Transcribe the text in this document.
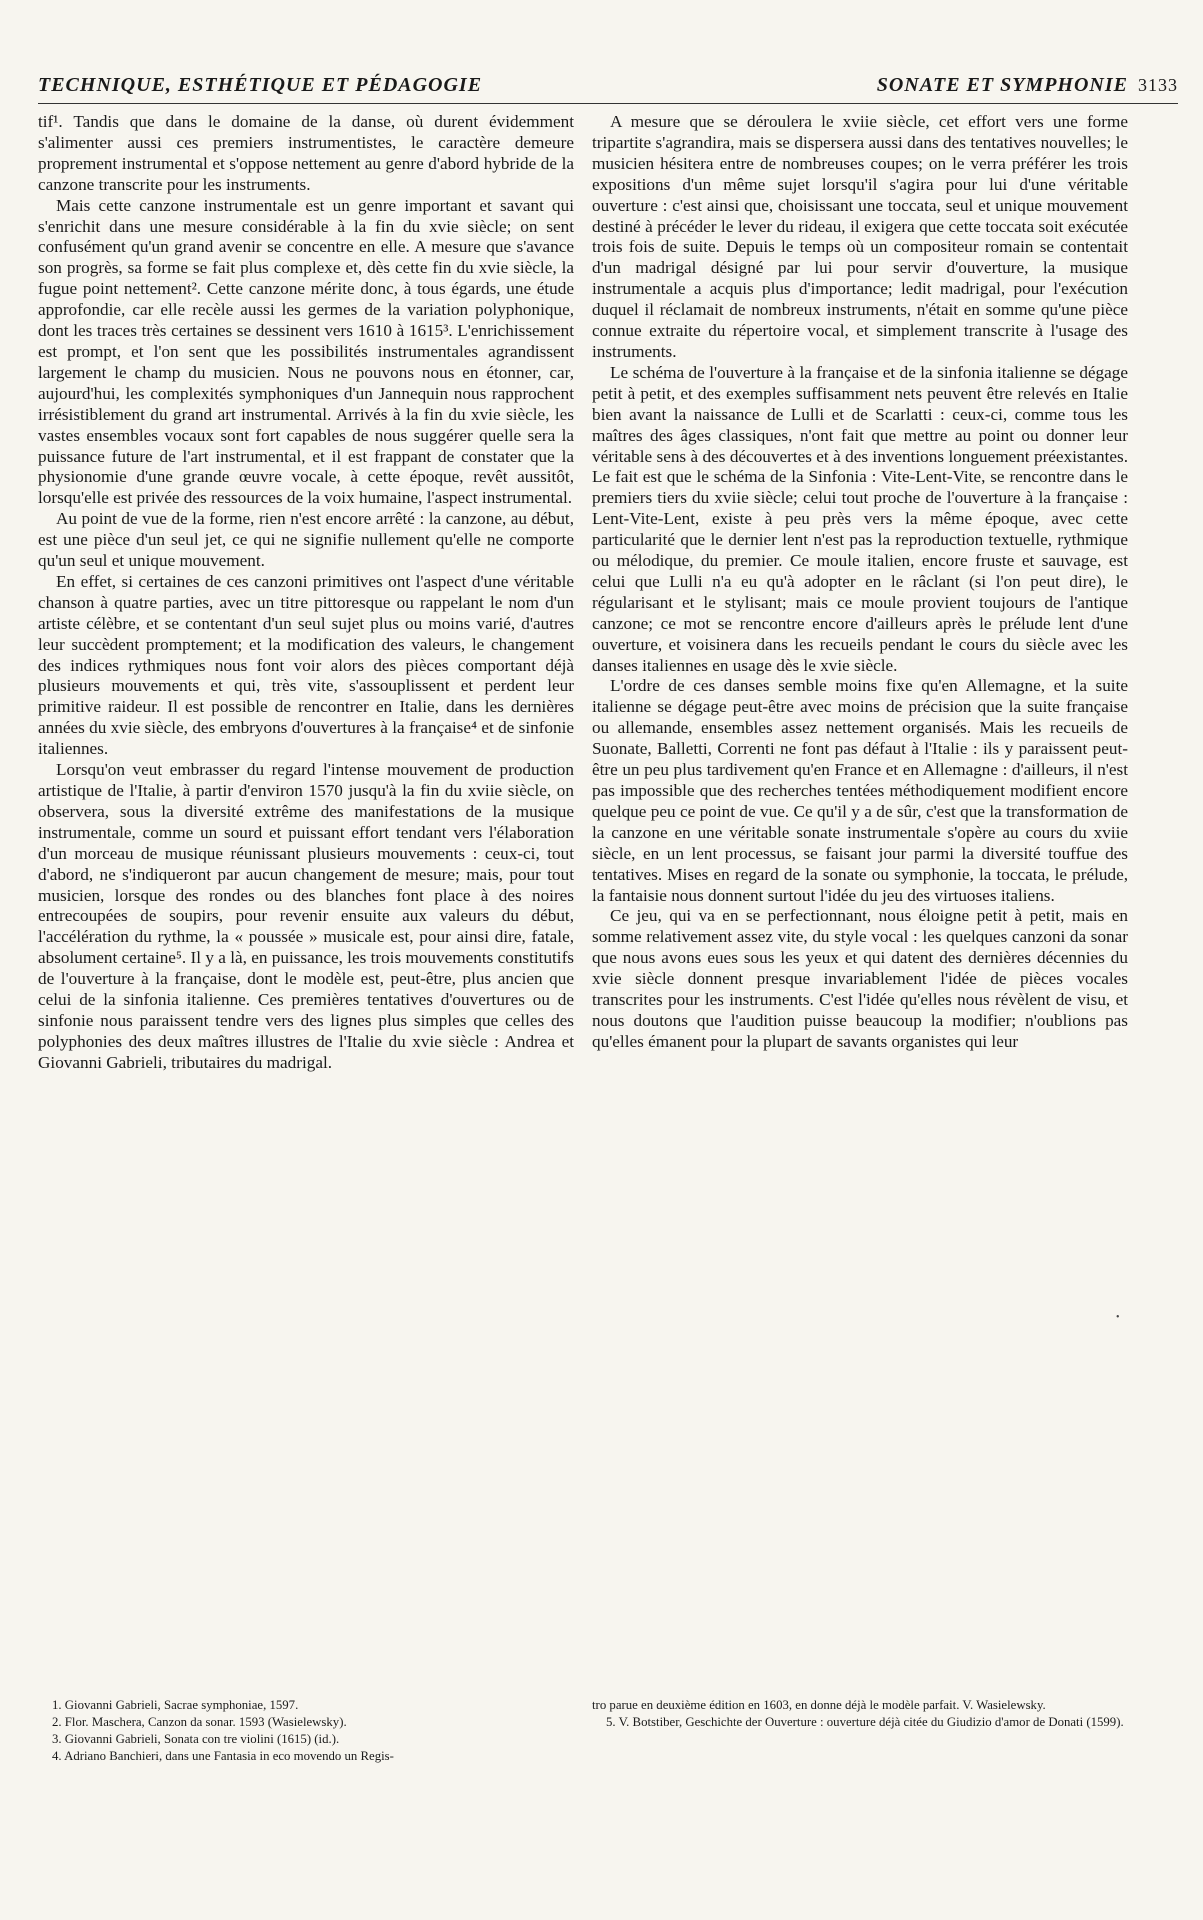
TECHNIQUE, ESTHÉTIQUE ET PÉDAGOGIE	SONATE ET SYMPHONIE 3133

tif¹. Tandis que dans le domaine de la danse, où durent évidemment s'alimenter aussi ces premiers instrumentistes, le caractère demeure proprement instrumental et s'oppose nettement au genre d'abord hybride de la canzone transcrite pour les instruments.

Mais cette canzone instrumentale est un genre important et savant qui s'enrichit dans une mesure considérable à la fin du xvie siècle; on sent confusément qu'un grand avenir se concentre en elle. A mesure que s'avance son progrès, sa forme se fait plus complexe et, dès cette fin du xvie siècle, la fugue point nettement². Cette canzone mérite donc, à tous égards, une étude approfondie, car elle recèle aussi les germes de la variation polyphonique, dont les traces très certaines se dessinent vers 1610 à 1615³. L'enrichissement est prompt, et l'on sent que les possibilités instrumentales agrandissent largement le champ du musicien. Nous ne pouvons nous en étonner, car, aujourd'hui, les complexités symphoniques d'un Jannequin nous rapprochent irrésistiblement du grand art instrumental. Arrivés à la fin du xvie siècle, les vastes ensembles vocaux sont fort capables de nous suggérer quelle sera la puissance future de l'art instrumental, et il est frappant de constater que la physionomie d'une grande œuvre vocale, à cette époque, revêt aussitôt, lorsqu'elle est privée des ressources de la voix humaine, l'aspect instrumental.

Au point de vue de la forme, rien n'est encore arrêté : la canzone, au début, est une pièce d'un seul jet, ce qui ne signifie nullement qu'elle ne comporte qu'un seul et unique mouvement.

En effet, si certaines de ces canzoni primitives ont l'aspect d'une véritable chanson à quatre parties, avec un titre pittoresque ou rappelant le nom d'un artiste célèbre, et se contentant d'un seul sujet plus ou moins varié, d'autres leur succèdent promptement; et la modification des valeurs, le changement des indices rythmiques nous font voir alors des pièces comportant déjà plusieurs mouvements et qui, très vite, s'assouplissent et perdent leur primitive raideur. Il est possible de rencontrer en Italie, dans les dernières années du xvie siècle, des embryons d'ouvertures à la française⁴ et de sinfonie italiennes.

Lorsqu'on veut embrasser du regard l'intense mouvement de production artistique de l'Italie, à partir d'environ 1570 jusqu'à la fin du xviie siècle, on observera, sous la diversité extrême des manifestations de la musique instrumentale, comme un sourd et puissant effort tendant vers l'élaboration d'un morceau de musique réunissant plusieurs mouvements : ceux-ci, tout d'abord, ne s'indiqueront par aucun changement de mesure; mais, pour tout musicien, lorsque des rondes ou des blanches font place à des noires entrecoupées de soupirs, pour revenir ensuite aux valeurs du début, l'accélération du rythme, la « poussée » musicale est, pour ainsi dire, fatale, absolument certaine⁵. Il y a là, en puissance, les trois mouvements constitutifs de l'ouverture à la française, dont le modèle est, peut-être, plus ancien que celui de la sinfonia italienne. Ces premières tentatives d'ouvertures ou de sinfonie nous paraissent tendre vers des lignes plus simples que celles des polyphonies des deux maîtres illustres de l'Italie du xvie siècle : Andrea et Giovanni Gabrieli, tributaires du madrigal.

A mesure que se déroulera le xviie siècle, cet effort vers une forme tripartite s'agrandira, mais se dispersera aussi dans des tentatives nouvelles; le musicien hésitera entre de nombreuses coupes; on le verra préférer les trois expositions d'un même sujet lorsqu'il s'agira pour lui d'une véritable ouverture : c'est ainsi que, choisissant une toccata, seul et unique mouvement destiné à précéder le lever du rideau, il exigera que cette toccata soit exécutée trois fois de suite. Depuis le temps où un compositeur romain se contentait d'un madrigal désigné par lui pour servir d'ouverture, la musique instrumentale a acquis plus d'importance; ledit madrigal, pour l'exécution duquel il réclamait de nombreux instruments, n'était en somme qu'une pièce connue extraite du répertoire vocal, et simplement transcrite à l'usage des instruments.

Le schéma de l'ouverture à la française et de la sinfonia italienne se dégage petit à petit, et des exemples suffisamment nets peuvent être relevés en Italie bien avant la naissance de Lulli et de Scarlatti : ceux-ci, comme tous les maîtres des âges classiques, n'ont fait que mettre au point ou donner leur véritable sens à des découvertes et à des inventions longuement préexistantes. Le fait est que le schéma de la Sinfonia : Vite-Lent-Vite, se rencontre dans le premiers tiers du xviie siècle; celui tout proche de l'ouverture à la française : Lent-Vite-Lent, existe à peu près vers la même époque, avec cette particularité que le dernier lent n'est pas la reproduction textuelle, rythmique ou mélodique, du premier. Ce moule italien, encore fruste et sauvage, est celui que Lulli n'a eu qu'à adopter en le râclant (si l'on peut dire), le régularisant et le stylisant; mais ce moule provient toujours de l'antique canzone; ce mot se rencontre encore d'ailleurs après le prélude lent d'une ouverture, et voisinera dans les recueils pendant le cours du siècle avec les danses italiennes en usage dès le xvie siècle.

L'ordre de ces danses semble moins fixe qu'en Allemagne, et la suite italienne se dégage peut-être avec moins de précision que la suite française ou allemande, ensembles assez nettement organisés. Mais les recueils de Suonate, Balletti, Correnti ne font pas défaut à l'Italie : ils y paraissent peut-être un peu plus tardivement qu'en France et en Allemagne : d'ailleurs, il n'est pas impossible que des recherches tentées méthodiquement modifient encore quelque peu ce point de vue. Ce qu'il y a de sûr, c'est que la transformation de la canzone en une véritable sonate instrumentale s'opère au cours du xviie siècle, en un lent processus, se faisant jour parmi la diversité touffue des tentatives. Mises en regard de la sonate ou symphonie, la toccata, le prélude, la fantaisie nous donnent surtout l'idée du jeu des virtuoses italiens.

Ce jeu, qui va en se perfectionnant, nous éloigne petit à petit, mais en somme relativement assez vite, du style vocal : les quelques canzoni da sonar que nous avons eues sous les yeux et qui datent des dernières décennies du xvie siècle donnent presque invariablement l'idée de pièces vocales transcrites pour les instruments. C'est l'idée qu'elles nous révèlent de visu, et nous doutons que l'audition puisse beaucoup la modifier; n'oublions pas qu'elles émanent pour la plupart de savants organistes qui leur

•

1. Giovanni Gabrieli, Sacrae symphoniae, 1597.

2. Flor. Maschera, Canzon da sonar. 1593 (Wasielewsky).

3. Giovanni Gabrieli, Sonata con tre violini (1615) (id.).

4. Adriano Banchieri, dans une Fantasia in eco movendo un Regis-

tro parue en deuxième édition en 1603, en donne déjà le modèle parfait. V. Wasielewsky.

5. V. Botstiber, Geschichte der Ouverture : ouverture déjà citée du Giudizio d'amor de Donati (1599).
